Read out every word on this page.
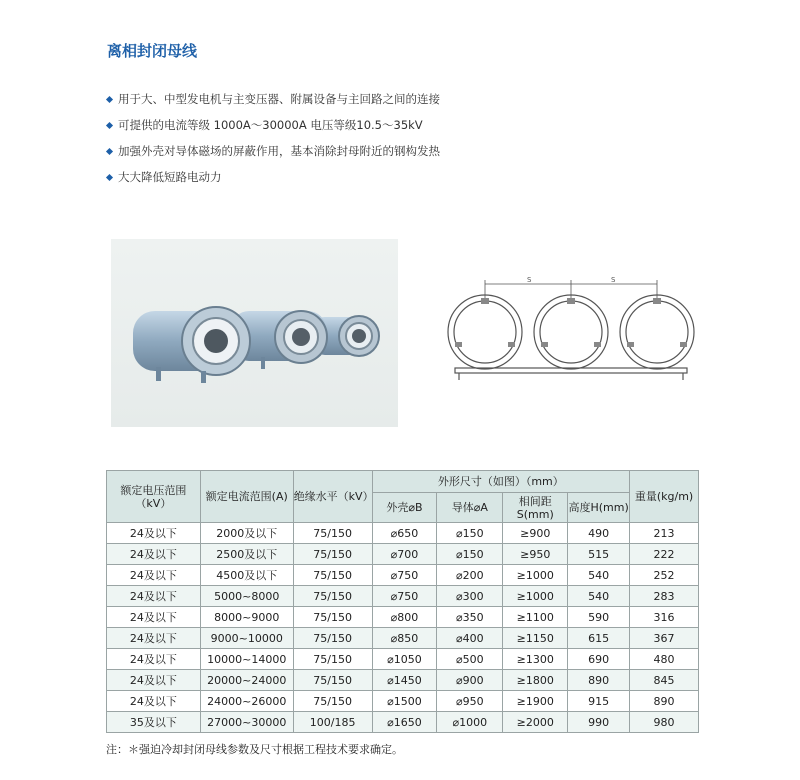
离相封闭母线
用于大、中型发电机与主变压器、附属设备与主回路之间的连接
可提供的电流等级 1000A～30000A 电压等级10.5～35kV
加强外壳对导体磁场的屏蔽作用，基本消除封母附近的钢构发热
大大降低短路电动力
S	S
额定电压范围（kV）	额定电流范围(A)	绝缘水平（kV）	外形尺寸（如图）（mm）				重量(kg/m)
			外壳⌀B	导体⌀A	相间距S(mm)	高度H(mm)	
24及以下	2000及以下	75/150	⌀650	⌀150	≥900	490	213
24及以下	2500及以下	75/150	⌀700	⌀150	≥950	515	222
24及以下	4500及以下	75/150	⌀750	⌀200	≥1000	540	252
24及以下	5000~8000	75/150	⌀750	⌀300	≥1000	540	283
24及以下	8000~9000	75/150	⌀800	⌀350	≥1100	590	316
24及以下	9000~10000	75/150	⌀850	⌀400	≥1150	615	367
24及以下	10000~14000	75/150	⌀1050	⌀500	≥1300	690	480
24及以下	20000~24000	75/150	⌀1450	⌀900	≥1800	890	845
24及以下	24000~26000	75/150	⌀1500	⌀950	≥1900	915	890
35及以下	27000~30000	100/185	⌀1650	⌀1000	≥2000	990	980
注：＊强迫冷却封闭母线参数及尺寸根据工程技术要求确定。
